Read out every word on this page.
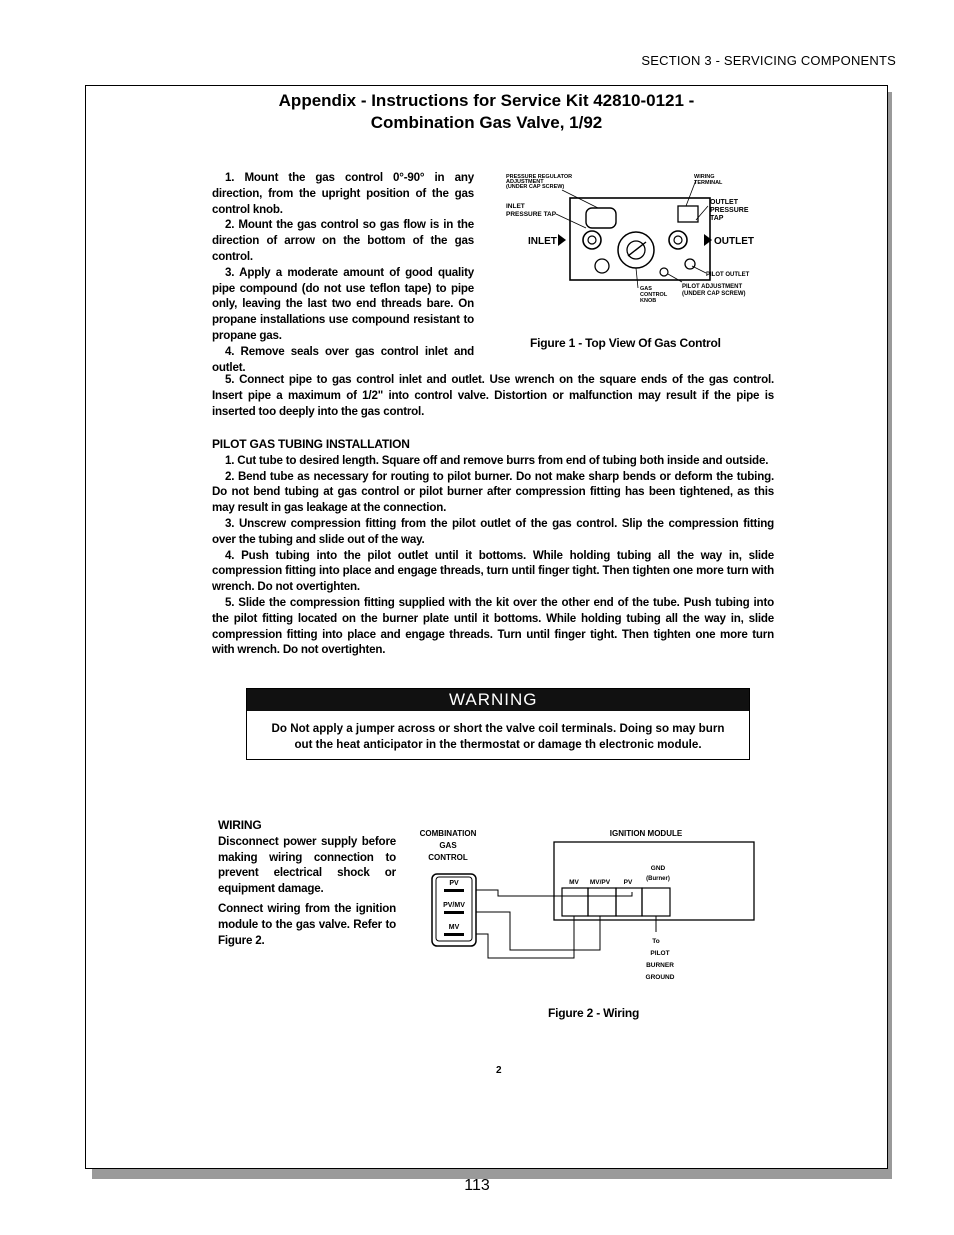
SECTION 3 - SERVICING COMPONENTS
Appendix - Instructions for Service Kit 42810-0121 -
Combination Gas Valve, 1/92

1. Mount the gas control 0°-90° in any direction, from the upright position of the gas control knob.

2. Mount the gas control so gas flow is in the direction of arrow on the bottom of the gas control.

3. Apply a moderate amount of good quality pipe compound (do not use teflon tape) to pipe only, leaving the last two end threads bare. On propane installations use compound resistant to propane gas.

4. Remove seals over gas control inlet and outlet.

PRESSURE REGULATOR
ADJUSTMENT
(UNDER CAP SCREW)
INLET
PRESSURE TAP
INLET
WIRING
TERMINAL
OUTLET
PRESSURE
TAP
OUTLET
PILOT OUTLET
PILOT ADJUSTMENT
(UNDER CAP SCREW)
GAS
CONTROL
KNOB
Figure 1 - Top View Of Gas Control

5. Connect pipe to gas control inlet and outlet. Use wrench on the square ends of the gas control. Insert pipe a maximum of 1/2" into control valve. Distortion or malfunction may result if the pipe is inserted too deeply into the gas control.

PILOT GAS TUBING INSTALLATION

1. Cut tube to desired length. Square off and remove burrs from end of tubing both inside and outside.

2. Bend tube as necessary for routing to pilot burner. Do not make sharp bends or deform the tubing. Do not bend tubing at gas control or pilot burner after compression fitting has been tightened, as this may result in gas leakage at the connection.

3. Unscrew compression fitting from the pilot outlet of the gas control. Slip the compression fitting over the tubing and slide out of the way.

4. Push tubing into the pilot outlet until it bottoms. While holding tubing all the way in, slide compression fitting into place and engage threads, turn until finger tight. Then tighten one more turn with wrench. Do not overtighten.

5. Slide the compression fitting supplied with the kit over the other end of the tube. Push tubing into the pilot fitting located on the burner plate until it bottoms. While holding tubing all the way in, slide compression fitting into place and engage threads. Turn until finger tight. Then tighten one more turn with wrench. Do not overtighten.

WARNING
Do Not apply a jumper across or short the valve coil terminals. Doing so may burn
out the heat anticipator in the thermostat or damage th electronic module.

WIRING

Disconnect power supply before making wiring connection to prevent electrical shock or equipment damage.

Connect wiring from the ignition module to the gas valve. Refer to Figure 2.

COMBINATION
GAS
CONTROL
PV
PV/MV
MV
IGNITION MODULE
MV MV/PV PV
GND
(Burner)
To
PILOT
BURNER
GROUND
Figure 2 - Wiring
2
113
